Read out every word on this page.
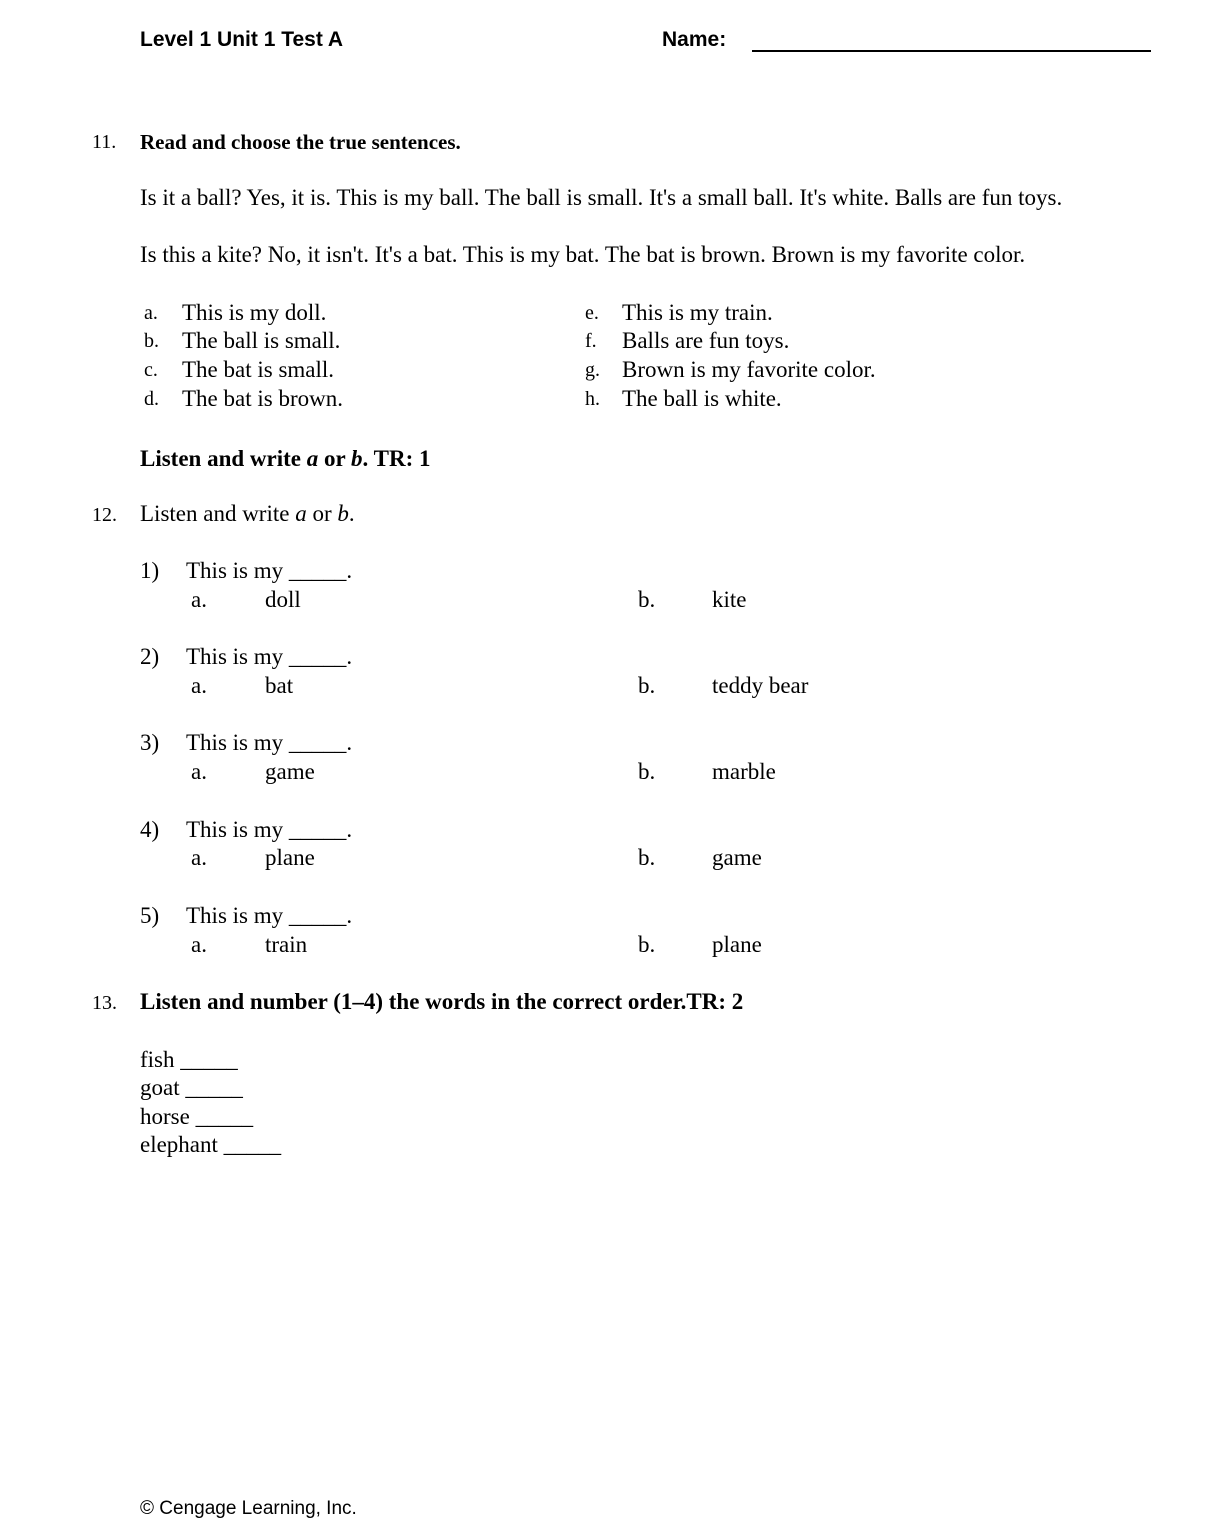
Level 1 Unit 1 Test A	Name:
11. Read and choose the true sentences.
Is it a ball? Yes, it is. This is my ball. The ball is small. It's a small ball. It's white. Balls are fun toys.
Is this a kite? No, it isn't. It's a bat. This is my bat. The bat is brown. Brown is my favorite color.
a. This is my doll.
b. The ball is small.
c. The bat is small.
d. The bat is brown.
e. This is my train.
f. Balls are fun toys.
g. Brown is my favorite color.
h. The ball is white.
Listen and write a or b. TR: 1
12. Listen and write a or b.
1) This is my _____.
a.	doll	b. kite
2) This is my _____.
a.	bat	b. teddy bear
3) This is my _____.
a.	game	b. marble
4) This is my _____.
a.	plane	b. game
5) This is my _____.
a.	train	b. plane
13. Listen and number (1–4) the words in the correct order.TR: 2
fish _____
goat _____
horse _____
elephant _____
© Cengage Learning, Inc.
